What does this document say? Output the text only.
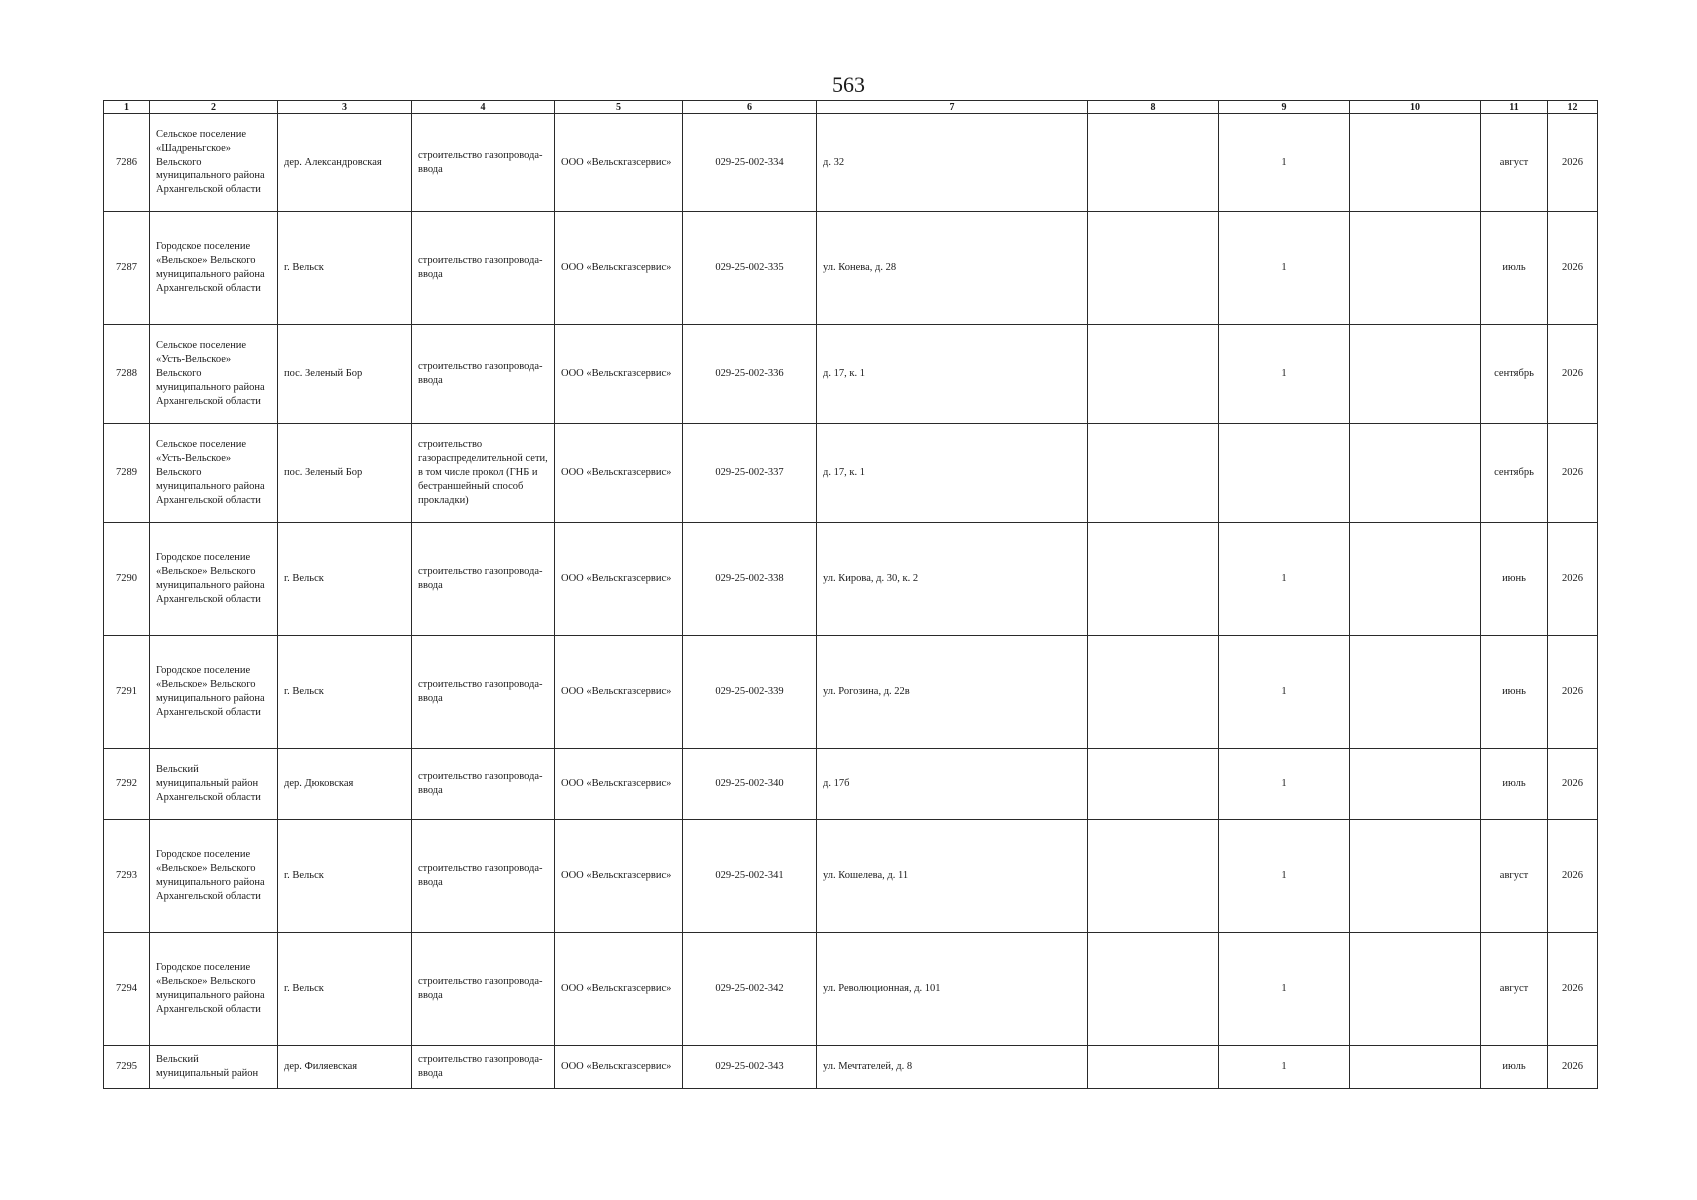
563
1	2	3	4	5	6	7	8	9	10	11	12
7286	Сельское поселение «Шадреньгское» Вельского муниципального района Архангельской области	дер. Александровская	строительство газопровода-ввода	ООО «Вельскгазсервис»	029-25-002-334	д. 32		1		август	2026
7287	Городское поселение «Вельское» Вельского муниципального района Архангельской области	г. Вельск	строительство газопровода-ввода	ООО «Вельскгазсервис»	029-25-002-335	ул. Конева, д. 28		1		июль	2026
7288	Сельское поселение «Усть-Вельское» Вельского муниципального района Архангельской области	пос. Зеленый Бор	строительство газопровода-ввода	ООО «Вельскгазсервис»	029-25-002-336	д. 17, к. 1		1		сентябрь	2026
7289	Сельское поселение «Усть-Вельское» Вельского муниципального района Архангельской области	пос. Зеленый Бор	строительство газораспределительной сети, в том числе прокол (ГНБ и бестраншейный способ прокладки)	ООО «Вельскгазсервис»	029-25-002-337	д. 17, к. 1				сентябрь	2026
7290	Городское поселение «Вельское» Вельского муниципального района Архангельской области	г. Вельск	строительство газопровода-ввода	ООО «Вельскгазсервис»	029-25-002-338	ул. Кирова, д. 30, к. 2		1		июнь	2026
7291	Городское поселение «Вельское» Вельского муниципального района Архангельской области	г. Вельск	строительство газопровода-ввода	ООО «Вельскгазсервис»	029-25-002-339	ул. Рогозина, д. 22в		1		июнь	2026
7292	Вельский муниципальный район Архангельской области	дер. Дюковская	строительство газопровода-ввода	ООО «Вельскгазсервис»	029-25-002-340	д. 17б		1		июль	2026
7293	Городское поселение «Вельское» Вельского муниципального района Архангельской области	г. Вельск	строительство газопровода-ввода	ООО «Вельскгазсервис»	029-25-002-341	ул. Кошелева, д. 11		1		август	2026
7294	Городское поселение «Вельское» Вельского муниципального района Архангельской области	г. Вельск	строительство газопровода-ввода	ООО «Вельскгазсервис»	029-25-002-342	ул. Революционная, д. 101		1		август	2026
7295	Вельский муниципальный район	дер. Филяевская	строительство газопровода-ввода	ООО «Вельскгазсервис»	029-25-002-343	ул. Мечтателей, д. 8		1		июль	2026
